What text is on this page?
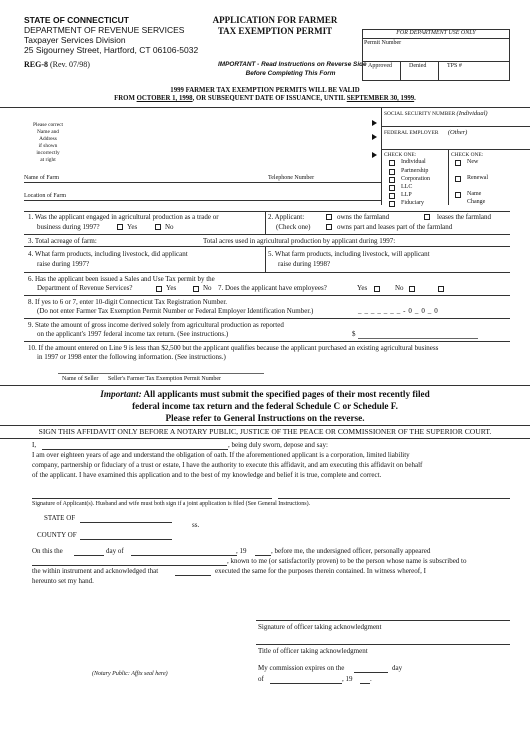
STATE OF CONNECTICUT
DEPARTMENT OF REVENUE SERVICES
Taxpayer Services Division
25 Sigourney Street, Hartford, CT 06106-5032
REG-8 (Rev. 07/98)
APPLICATION FOR FARMER
TAX EXEMPTION PERMIT
IMPORTANT - Read Instructions on Reverse Side
Before Completing This Form
FOR DEPARTMENT USE ONLY
Permit Number
Approved	Denied	TPS #
1999 FARMER TAX EXEMPTION PERMITS WILL BE VALID
FROM OCTOBER 1, 1998, OR SUBSEQUENT DATE OF ISSUANCE, UNTIL SEPTEMBER 30, 1999.
Please correct
Name and
Address
if shown
incorrectly
at right
SOCIAL SECURITY NUMBER (Individual)
FEDERAL EMPLOYER (Other)
CHECK ONE:
Individual
Partnership
Corporation
LLC
LLP
Fiduciary
CHECK ONE:
New
Renewal
Name
Change
Name of Farm	Telephone Number
Location of Farm
1. Was the applicant engaged in agricultural production as a trade or
business during 1997?	Yes	No
2. Applicant:
(Check one)
owns the farmland	leases the farmland
owns part and leases part of the farmland
3. Total acreage of farm:	Total acres used in agricultural production by applicant during 1997:
4. What farm products, including livestock, did applicant
raise during 1997?
5. What farm products, including livestock, will applicant
raise during 1998?
6. Has the applicant been issued a Sales and Use Tax permit by the
Department of Revenue Services?	Yes	No 7. Does the applicant have employees?	Yes	No
8. If yes to 6 or 7, enter 10-digit Connecticut Tax Registration Number.
(Do not enter Farmer Tax Exemption Permit Number or Federal Employer Identification Number.)	_ _ _ _ _ _ _ - 0 _ 0 _ 0
9. State the amount of gross income derived solely from agricultural production as reported
on the applicant's 1997 federal income tax return. (See instructions.)	$
10. If the amount entered on Line 9 is less than $2,500 but the applicant qualifies because the applicant purchased an existing agricultural business
in 1997 or 1998 enter the following information. (See instructions.)
Name of Seller Seller's Farmer Tax Exemption Permit Number
Important: All applicants must submit the specified pages of their most recently filed
federal income tax return and the federal Schedule C or Schedule F.
Please refer to General Instructions on the reverse.
SIGN THIS AFFIDAVIT ONLY BEFORE A NOTARY PUBLIC, JUSTICE OF THE PEACE OR COMMISSIONER OF THE SUPERIOR COURT.
I,	, being duly sworn, depose and say:
I am over eighteen years of age and understand the obligation of oath. If the aforementioned applicant is a corporation, limited liability
company, partnership or fiduciary of a trust or estate, I have the authority to execute this affidavit, and am executing this affidavit on behalf
of the applicant. I have examined this application and to the best of my knowledge and belief it is true, complete and correct.
Signature of Applicant(s). Husband and wife must both sign if a joint application is filed (See General Instructions).
STATE OF
ss.
COUNTY OF
On this the	day of	, 19	, before me, the undersigned officer, personally appeared
, known to me (or satisfactorily proven) to be the person whose name is subscribed to
the within instrument and acknowledged that	executed the same for the purposes therein contained. In witness whereof, I
hereunto set my hand.
Signature of officer taking acknowledgment
Title of officer taking acknowledgment
My commission expires on the	day
of	, 19	.
(Notary Public: Affix seal here)
